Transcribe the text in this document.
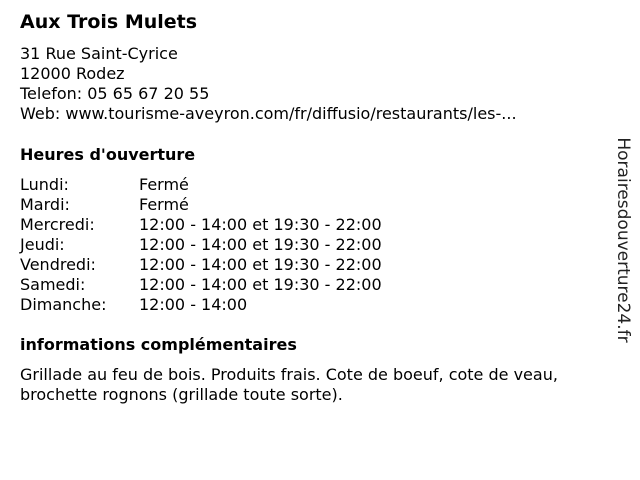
Aux Trois Mulets
31 Rue Saint-Cyrice
12000 Rodez
Telefon: 05 65 67 20 55
Web: www.tourisme-aveyron.com/fr/diffusio/restaurants/les-...
Heures d'ouverture
Lundi:	Fermé
Mardi:	Fermé
Mercredi:	12:00 - 14:00 et 19:30 - 22:00
Jeudi:	12:00 - 14:00 et 19:30 - 22:00
Vendredi:	12:00 - 14:00 et 19:30 - 22:00
Samedi:	12:00 - 14:00 et 19:30 - 22:00
Dimanche:	12:00 - 14:00
informations complémentaires
Grillade au feu de bois. Produits frais. Cote de boeuf, cote de veau, brochette rognons (grillade toute sorte).
Horairesdouverture24.fr
